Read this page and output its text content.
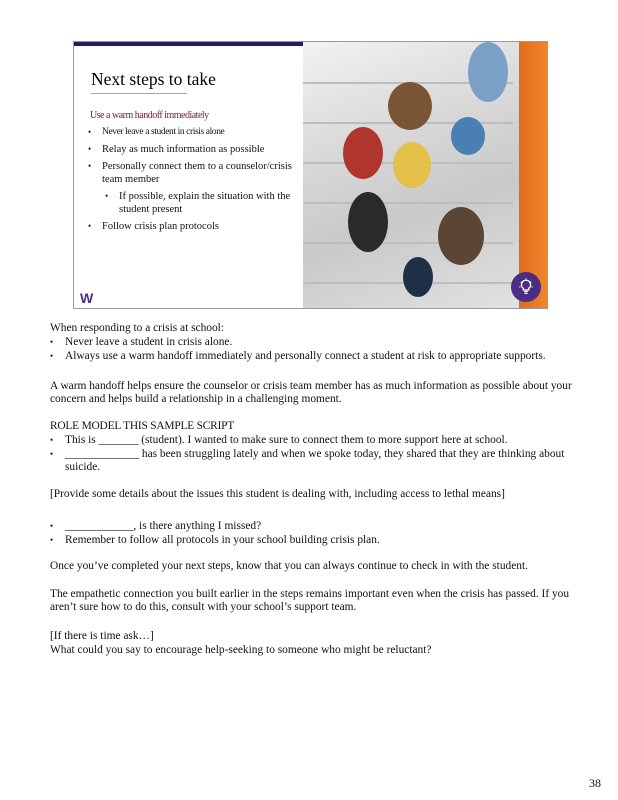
Next steps to take
Use a warm handoff immediately
• Never leave a student in crisis alone
• Relay as much information as possible
• Personally connect them to a counselor/crisis team member
• If possible, explain the situation with the student present
• Follow crisis plan protocols
W

When responding to a crisis at school:

• Never leave a student in crisis alone.
• Always use a warm handoff immediately and personally connect a student at risk to appropriate supports.

A warm handoff helps ensure the counselor or crisis team member has as much information as possible about your concern and helps build a relationship in a challenging moment.

ROLE MODEL THIS SAMPLE SCRIPT

• This is _______ (student). I wanted to make sure to connect them to more support here at school.
• _____________ has been struggling lately and when we spoke today, they shared that they are thinking about suicide.

[Provide some details about the issues this student is dealing with, including access to lethal means]

• ____________, is there anything I missed?
• Remember to follow all protocols in your school building crisis plan.

Once you’ve completed your next steps, know that you can always continue to check in with the student.

The empathetic connection you built earlier in the steps remains important even when the crisis has passed. If you aren’t sure how to do this, consult with your school’s support team.

[If there is time ask…]

What could you say to encourage help-seeking to someone who might be reluctant?

38
